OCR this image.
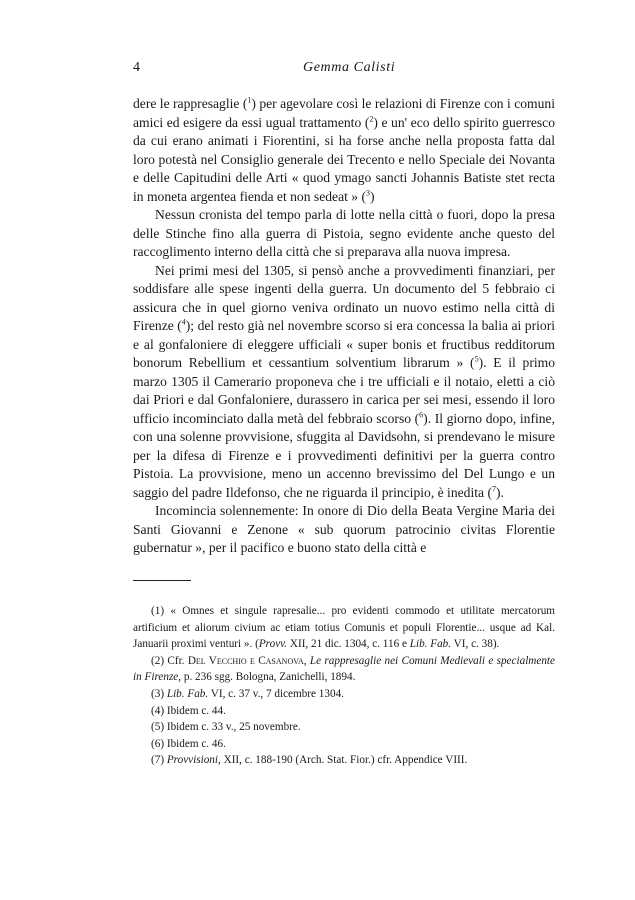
4	Gemma Calisti

dere le rappresaglie ($^1$) per agevolare così le relazioni di Firenze con i comuni amici ed esigere da essi ugual trattamento ($^2$) e un' eco dello spirito guerresco da cui erano animati i Fiorentini, si ha forse anche nella proposta fatta dal loro potestà nel Consiglio generale dei Trecento e nello Speciale dei Novanta e delle Capitudini delle Arti « quod ymago sancti Johannis Batiste stet recta in moneta argentea fienda et non sedeat » ($^3$)

Nessun cronista del tempo parla di lotte nella città o fuori, dopo la presa delle Stinche fino alla guerra di Pistoia, segno evidente anche questo del raccoglimento interno della città che si preparava alla nuova impresa.

Nei primi mesi del 1305, si pensò anche a provvedimenti finanziari, per soddisfare alle spese ingenti della guerra. Un documento del 5 febbraio ci assicura che in quel giorno veniva ordinato un nuovo estimo nella città di Firenze ($^4$); del resto già nel novembre scorso si era concessa la balia ai priori e al gonfaloniere di eleggere ufficiali « super bonis et fructibus redditorum bonorum Rebellium et cessantium solventium librarum » ($^5$). E il primo marzo 1305 il Camerario proponeva che i tre ufficiali e il notaio, eletti a ciò dai Priori e dal Gonfaloniere, durassero in carica per sei mesi, essendo il loro ufficio incominciato dalla metà del febbraio scorso ($^6$). Il giorno dopo, infine, con una solenne provvisione, sfuggita al Davidsohn, si prendevano le misure per la difesa di Firenze e i provvedimenti definitivi per la guerra contro Pistoia. La provvisione, meno un accenno brevissimo del Del Lungo e un saggio del padre Ildefonso, che ne riguarda il principio, è inedita ($^7$).

Incomincia solennemente: In onore di Dio della Beata Vergine Maria dei Santi Giovanni e Zenone « sub quorum patrocinio civitas Florentie gubernatur », per il pacifico e buono stato della città e

(1) « Omnes et singule rapresalie... pro evidenti commodo et utilitate mercatorum artificium et aliorum civium ac etiam totius Comunis et populi Florentie... usque ad Kal. Januarii proximi venturi ». (Provv. XII, 21 dic. 1304, c. 116 e Lib. Fab. VI, c. 38).

(2) Cfr. Del Vecchio e Casanova, Le rappresaglie nei Comuni Medievali e specialmente in Firenze, p. 236 sgg. Bologna, Zanichelli, 1894.

(3) Lib. Fab. VI, c. 37 v., 7 dicembre 1304.

(4) Ibidem c. 44.

(5) Ibidem c. 33 v., 25 novembre.

(6) Ibidem c. 46.

(7) Provvisioni, XII, c. 188-190 (Arch. Stat. Fior.) cfr. Appendice VIII.
